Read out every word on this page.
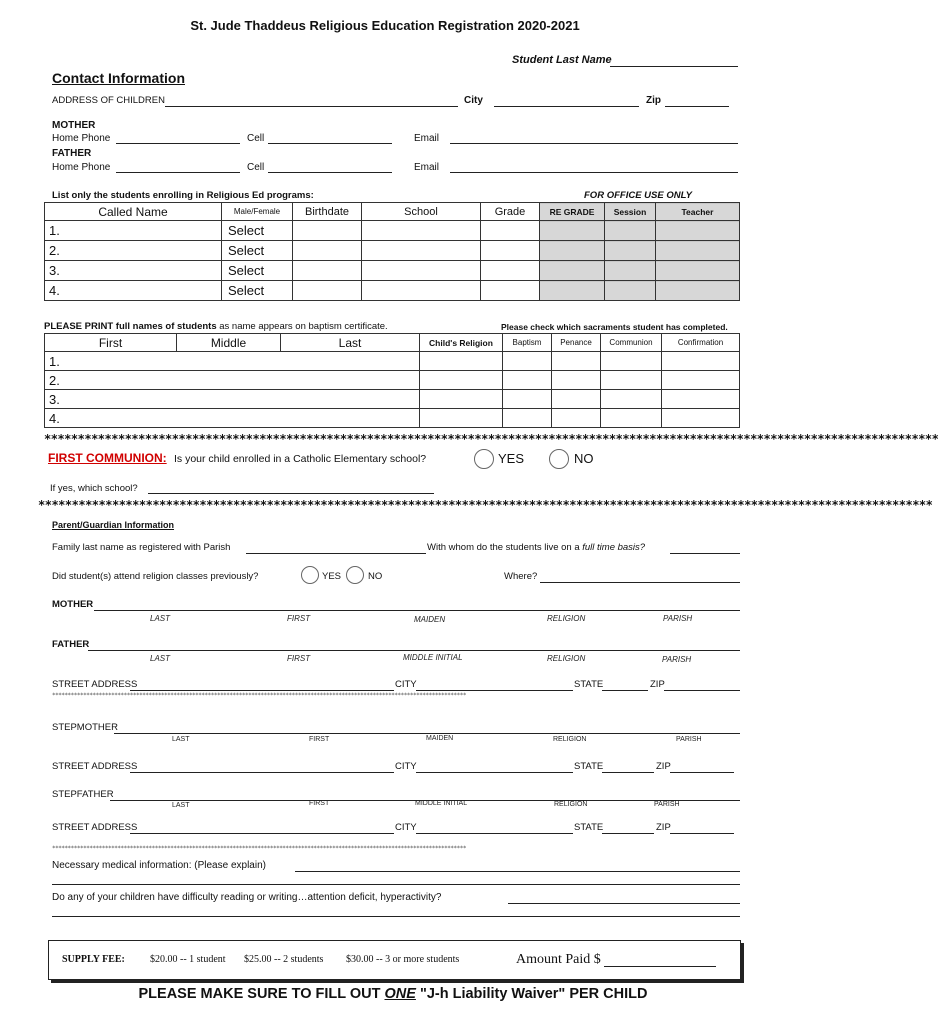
St. Jude Thaddeus Religious Education Registration 2020-2021
Student Last Name
Contact Information
ADDRESS OF CHILDREN	City	Zip
MOTHER
Home Phone	Cell	Email
FATHER
Home Phone	Cell	Email
List only the students enrolling in Religious Ed programs:	FOR OFFICE USE ONLY
Called Name	Male/Female	Birthdate	School	Grade	RE GRADE	Session	Teacher
1.	Select						
2.	Select						
3.	Select						
4.	Select						
PLEASE PRINT full names of students as name appears on baptism certificate.	Please check which sacraments student has completed.
First	Middle	Last	Child's Religion	Baptism	Penance	Communion	Confirmation
1.							
2.							
3.							
4.							
*************************************************************************************************************************************
FIRST COMMUNION: Is your child enrolled in a Catholic Elementary school?	YES	NO
If yes, which school?
*************************************************************************************************************************************
Parent/Guardian Information
Family last name as registered with Parish	With whom do the students live on a full time basis?
Did student(s) attend religion classes previously?	YES	NO	Where?
MOTHER
LAST	FIRST	MAIDEN	RELIGION	PARISH
FATHER
LAST	FIRST	MIDDLE INITIAL	RELIGION	PARISH
STREET ADDRESS	CITY	STATE	ZIP
*************************************************************************************************************************************
STEPMOTHER
LAST	FIRST	MAIDEN	RELIGION	PARISH
STREET ADDRESS	CITY	STATE	ZIP
STEPFATHER
LAST	FIRST	MIDDLE INITIAL	RELIGION	PARISH
STREET ADDRESS	CITY	STATE	ZIP
*************************************************************************************************************************************
Necessary medical information: (Please explain)
Do any of your children have difficulty reading or writing…attention deficit, hyperactivity?
SUPPLY FEE:	$20.00 -- 1 student $25.00 -- 2 students $30.00 -- 3 or more students	Amount Paid $
PLEASE MAKE SURE TO FILL OUT ONE "J-h Liability Waiver" PER CHILD
